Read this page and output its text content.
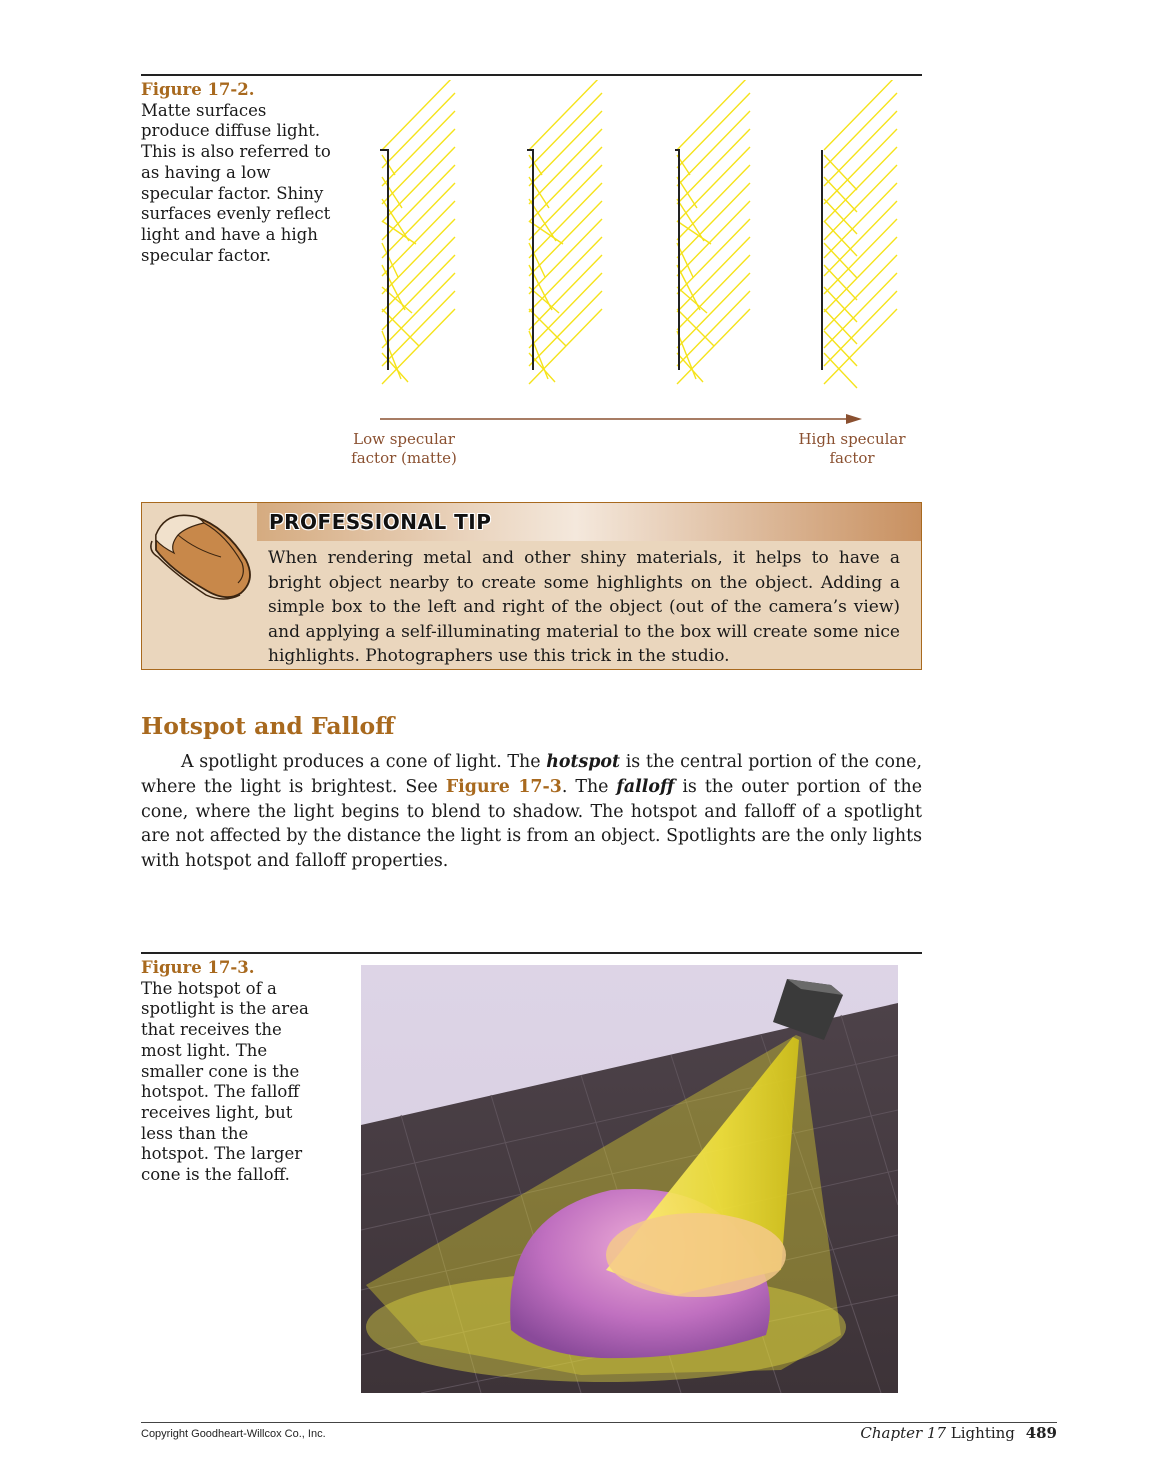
Figure 17-2.
Matte surfaces produce diffuse light. This is also referred to as having a low specular factor. Shiny surfaces evenly reflect light and have a high specular factor.
Low specular factor (matte)
High specular factor
PROFESSIONAL TIP
When rendering metal and other shiny materials, it helps to have a bright object nearby to create some highlights on the object. Adding a simple box to the left and right of the object (out of the camera’s view) and applying a self-illuminating material to the box will create some nice highlights. Photographers use this trick in the studio.
Hotspot and Falloff

A spotlight produces a cone of light. The hotspot is the central portion of the cone, where the light is brightest. See Figure 17-3. The falloff is the outer portion of the cone, where the light begins to blend to shadow. The hotspot and falloff of a spotlight are not affected by the distance the light is from an object. Spotlights are the only lights with hotspot and falloff properties.

Figure 17-3.
The hotspot of a spotlight is the area that receives the most light. The smaller cone is the hotspot. The falloff receives light, but less than the hotspot. The larger cone is the falloff.
Copyright Goodheart-Willcox Co., Inc.	Chapter 17 Lighting 489
